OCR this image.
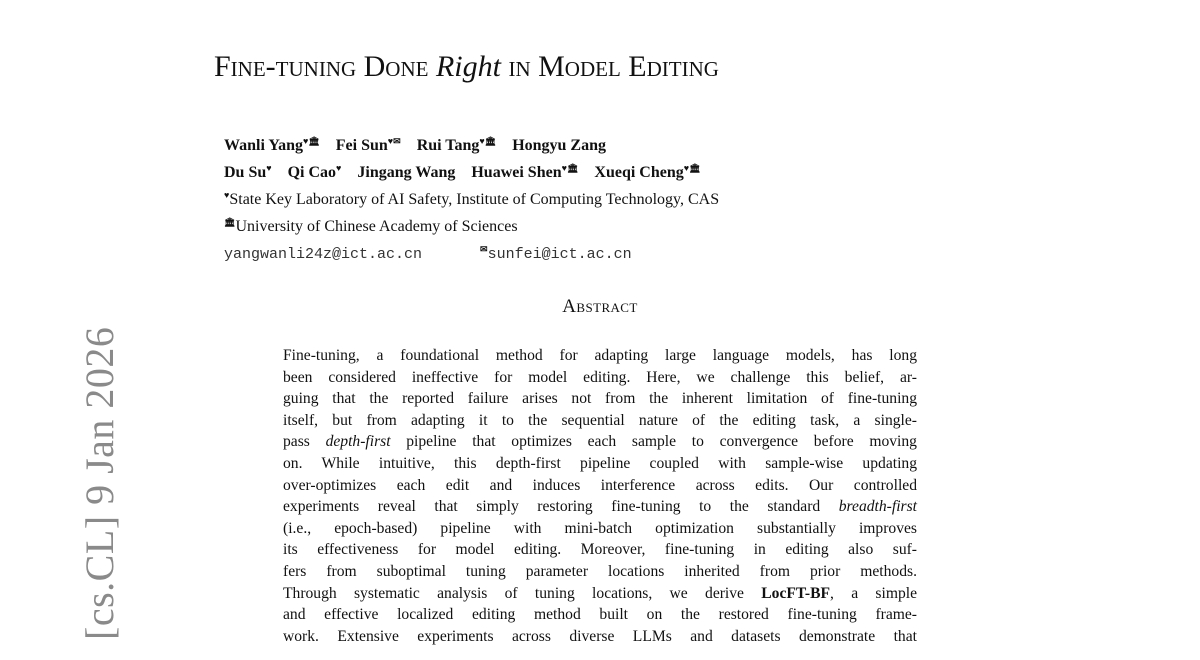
[cs.CL] 9 Jan 2026
Fine-tuning Done Right in Model Editing
Wanli Yang♥🏛 Fei Sun♥✉ Rui Tang♥🏛 Hongyu Zang
Du Su♥ Qi Cao♥ Jingang Wang Huawei Shen♥🏛 Xueqi Cheng♥🏛
♥State Key Laboratory of AI Safety, Institute of Computing Technology, CAS
🏛University of Chinese Academy of Sciences
yangwanli24z@ict.ac.cn	✉sunfei@ict.ac.cn
Abstract
Fine-tuning, a foundational method for adapting large language models, has long
been considered ineffective for model editing. Here, we challenge this belief, ar-
guing that the reported failure arises not from the inherent limitation of fine-tuning
itself, but from adapting it to the sequential nature of the editing task, a single-
pass depth-first pipeline that optimizes each sample to convergence before moving
on. While intuitive, this depth-first pipeline coupled with sample-wise updating
over-optimizes each edit and induces interference across edits. Our controlled
experiments reveal that simply restoring fine-tuning to the standard breadth-first
(i.e., epoch-based) pipeline with mini-batch optimization substantially improves
its effectiveness for model editing. Moreover, fine-tuning in editing also suf-
fers from suboptimal tuning parameter locations inherited from prior methods.
Through systematic analysis of tuning locations, we derive LocFT-BF, a simple
and effective localized editing method built on the restored fine-tuning frame-
work. Extensive experiments across diverse LLMs and datasets demonstrate that
